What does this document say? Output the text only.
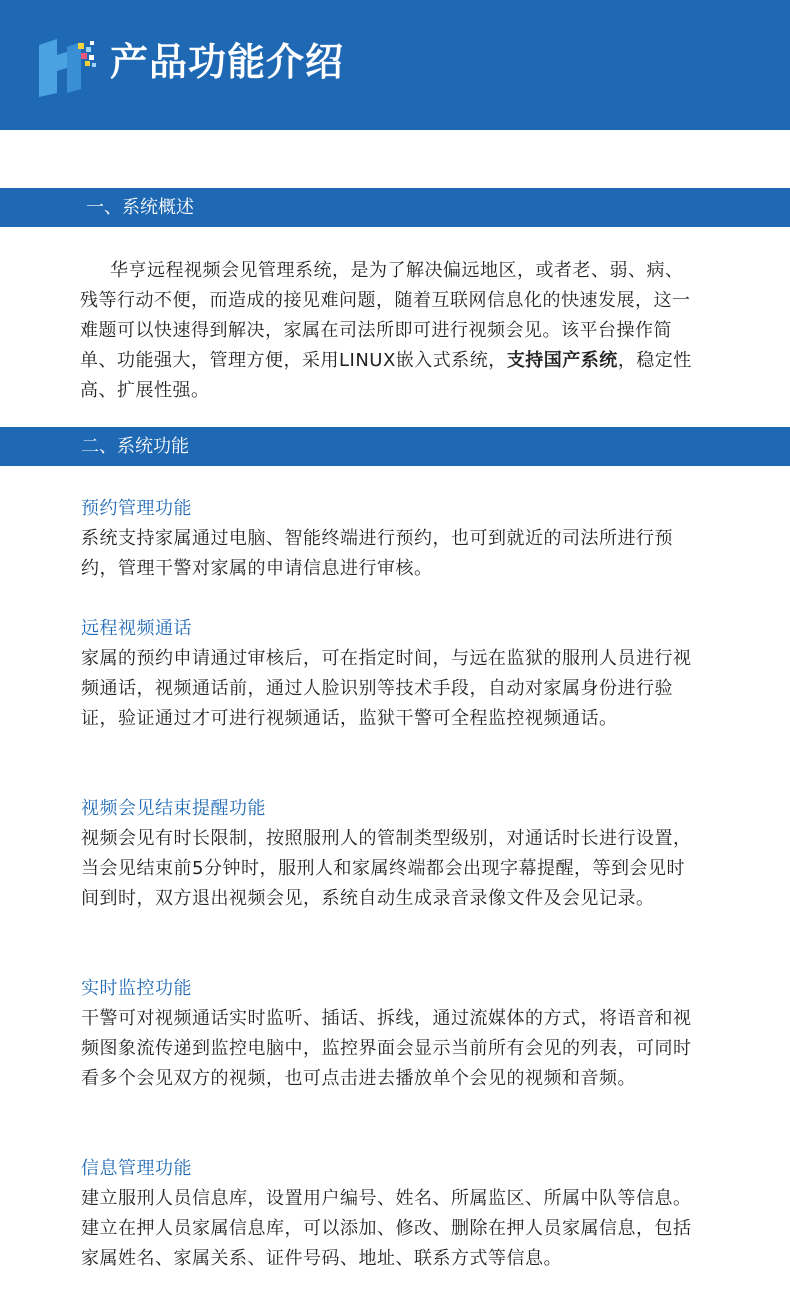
产品功能介绍
一、系统概述
华亨远程视频会见管理系统，是为了解决偏远地区，或者老、弱、病、残等行动不便，而造成的接见难问题，随着互联网信息化的快速发展，这一难题可以快速得到解决，家属在司法所即可进行视频会见。该平台操作简单、功能强大，管理方便，采用LINUX嵌入式系统，支持国产系统，稳定性高、扩展性强。
二、系统功能
预约管理功能
系统支持家属通过电脑、智能终端进行预约，也可到就近的司法所进行预约，管理干警对家属的申请信息进行审核。
远程视频通话
家属的预约申请通过审核后，可在指定时间，与远在监狱的服刑人员进行视频通话，视频通话前，通过人脸识别等技术手段，自动对家属身份进行验证，验证通过才可进行视频通话，监狱干警可全程监控视频通话。
视频会见结束提醒功能
视频会见有时长限制，按照服刑人的管制类型级别，对通话时长进行设置，当会见结束前5分钟时，服刑人和家属终端都会出现字幕提醒，等到会见时间到时，双方退出视频会见，系统自动生成录音录像文件及会见记录。
实时监控功能
干警可对视频通话实时监听、插话、拆线，通过流媒体的方式，将语音和视频图象流传递到监控电脑中，监控界面会显示当前所有会见的列表，可同时看多个会见双方的视频，也可点击进去播放单个会见的视频和音频。
信息管理功能
建立服刑人员信息库，设置用户编号、姓名、所属监区、所属中队等信息。
建立在押人员家属信息库，可以添加、修改、删除在押人员家属信息，包括家属姓名、家属关系、证件号码、地址、联系方式等信息。
